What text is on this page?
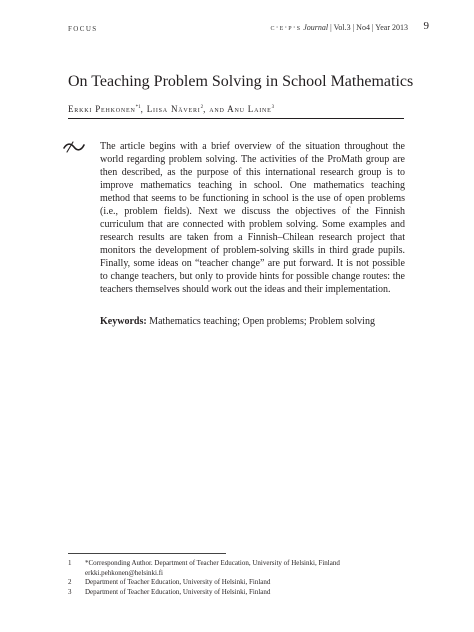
FOCUS	c·e·p·s Journal | Vol.3 | No4 | Year 2013 9
On Teaching Problem Solving in School Mathematics
Erkki Pehkonen$^{*1}$, Liisa Näveri$^2$, and Anu Laine$^3$

The article begins with a brief overview of the situation throughout the world regarding problem solving. The activities of the ProMath group are then described, as the purpose of this international research group is to improve mathematics teaching in school. One mathematics teaching method that seems to be functioning in school is the use of open problems (i.e., problem fields). Next we discuss the objectives of the Finnish curriculum that are connected with problem solving. Some examples and research results are taken from a Finnish–Chilean research project that monitors the development of problem-solving skills in third grade pupils. Finally, some ideas on “teacher change” are put forward. It is not possible to change teachers, but only to provide hints for possible change routes: the teachers themselves should work out the ideas and their implementation.

Keywords: Mathematics teaching; Open problems; Problem solving

1 *Corresponding Author. Department of Teacher Education, University of Helsinki, Finland
erkki.pehkonen@helsinki.fi
2 Department of Teacher Education, University of Helsinki, Finland
3 Department of Teacher Education, University of Helsinki, Finland
